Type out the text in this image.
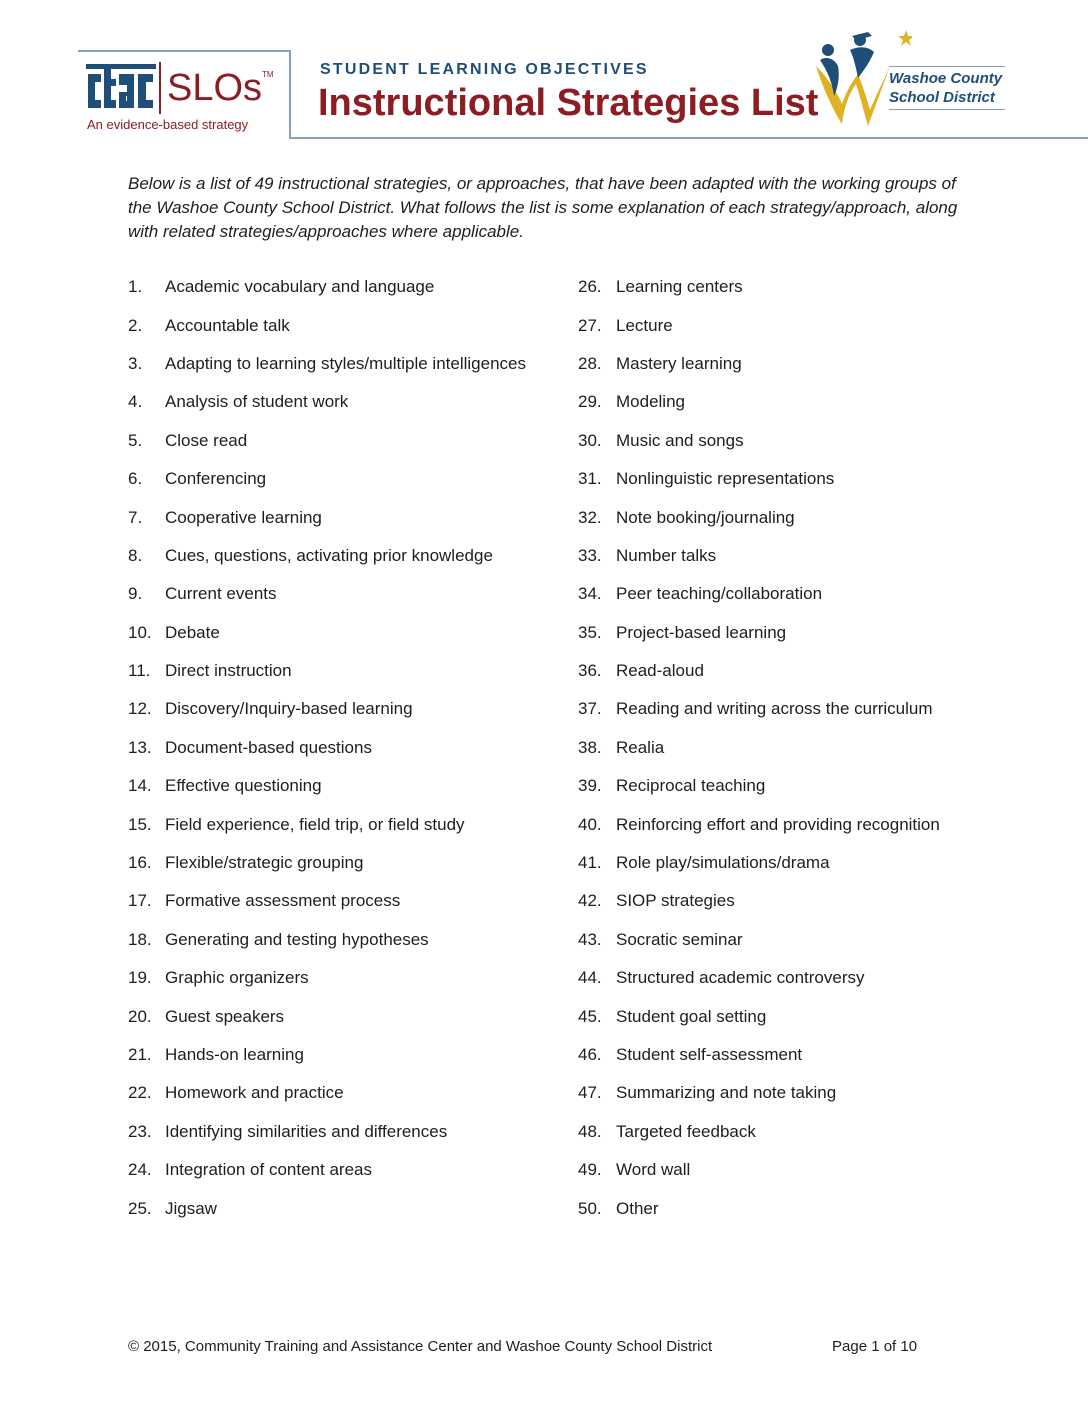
SLOs™
An evidence-based strategy
STUDENT LEARNING OBJECTIVES
Instructional Strategies List
Washoe County
School District
Below is a list of 49 instructional strategies, or approaches, that have been adapted with the working groups of the Washoe County School District. What follows the list is some explanation of each strategy/approach, along with related strategies/approaches where applicable.
1.	Academic vocabulary and language
2.	Accountable talk
3.	Adapting to learning styles/multiple intelligences
4.	Analysis of student work
5.	Close read
6.	Conferencing
7.	Cooperative learning
8.	Cues, questions, activating prior knowledge
9.	Current events
10. Debate
11. Direct instruction
12. Discovery/Inquiry-based learning
13. Document-based questions
14. Effective questioning
15. Field experience, field trip, or field study
16. Flexible/strategic grouping
17. Formative assessment process
18. Generating and testing hypotheses
19. Graphic organizers
20. Guest speakers
21. Hands-on learning
22. Homework and practice
23. Identifying similarities and differences
24. Integration of content areas
25. Jigsaw
26. Learning centers
27. Lecture
28. Mastery learning
29. Modeling
30. Music and songs
31. Nonlinguistic representations
32. Note booking/journaling
33. Number talks
34. Peer teaching/collaboration
35. Project-based learning
36. Read-aloud
37. Reading and writing across the curriculum
38. Realia
39. Reciprocal teaching
40. Reinforcing effort and providing recognition
41. Role play/simulations/drama
42. SIOP strategies
43. Socratic seminar
44. Structured academic controversy
45. Student goal setting
46. Student self-assessment
47. Summarizing and note taking
48. Targeted feedback
49. Word wall
50. Other
© 2015, Community Training and Assistance Center and Washoe County School District	Page 1 of 10
